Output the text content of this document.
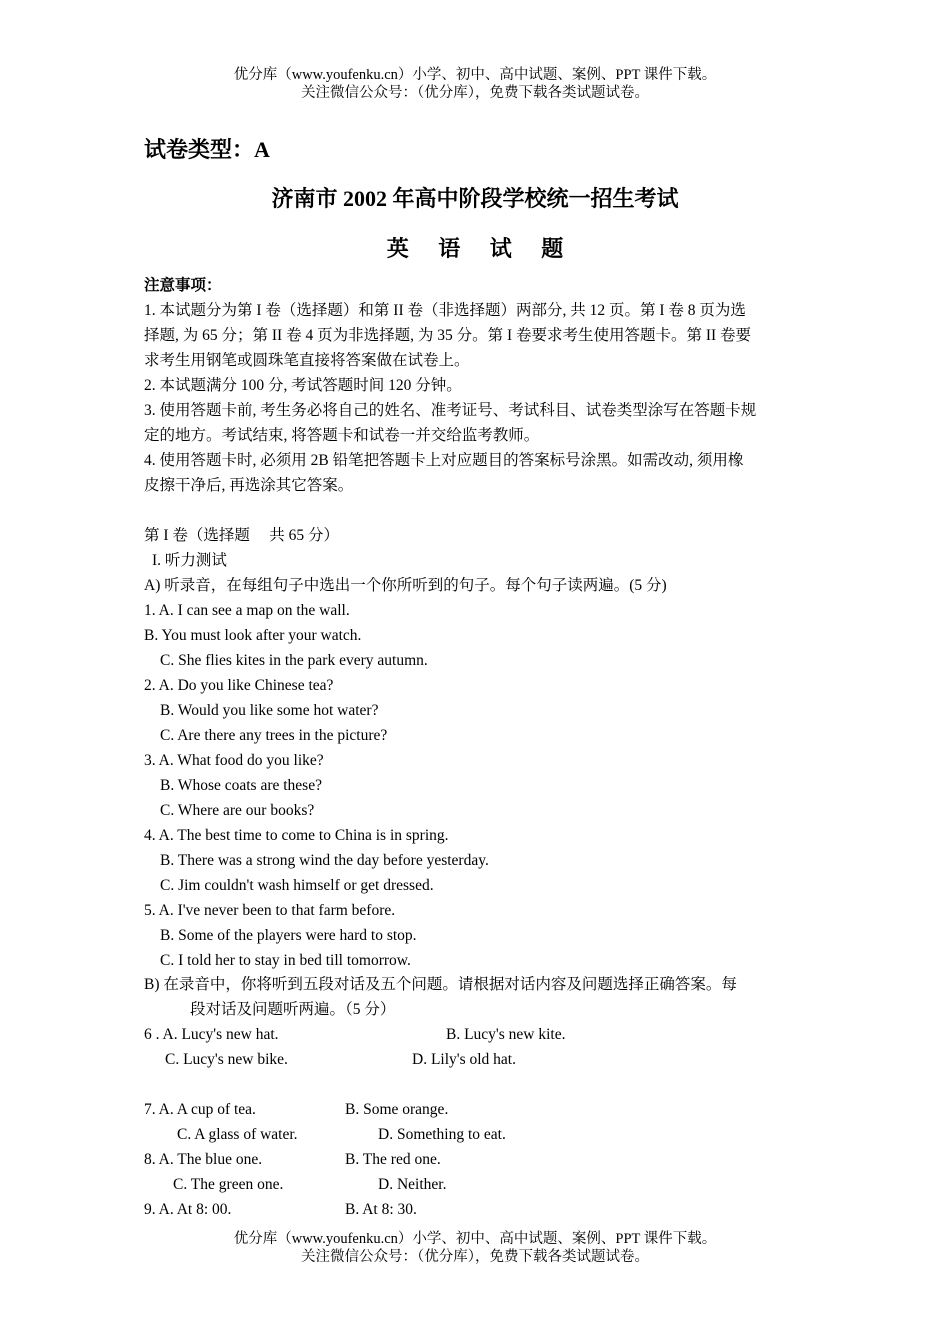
优分库（www.youfenku.cn）小学、初中、高中试题、案例、PPT 课件下载。
关注微信公众号：（优分库），免费下载各类试题试卷。
试卷类型：A
济南市 2002 年高中阶段学校统一招生考试
英 语 试 题
注意事项：
1. 本试题分为第 I 卷（选择题）和第 II 卷（非选择题）两部分, 共 12 页。第 I 卷 8 页为选
择题, 为 65 分；第 II 卷 4 页为非选择题, 为 35 分。第 I 卷要求考生使用答题卡。第 II 卷要
求考生用钢笔或圆珠笔直接将答案做在试卷上。
2. 本试题满分 100 分, 考试答题时间 120 分钟。
3. 使用答题卡前, 考生务必将自己的姓名、准考证号、考试科目、试卷类型涂写在答题卡规
定的地方。考试结束, 将答题卡和试卷一并交给监考教师。
4. 使用答题卡时, 必须用 2B 铅笔把答题卡上对应题目的答案标号涂黑。如需改动, 须用橡
皮擦干净后, 再选涂其它答案。
第 I 卷（选择题　 共 65 分）
I. 听力测试
A) 听录音，在每组句子中选出一个你所听到的句子。每个句子读两遍。(5 分)
1. A. I can see a map on the wall.
B. You must look after your watch.
C. She flies kites in the park every autumn.
2. A. Do you like Chinese tea?
B. Would you like some hot water?
C. Are there any trees in the picture?
3. A. What food do you like?
B. Whose coats are these?
C. Where are our books?
4. A. The best time to come to China is in spring.
B. There was a strong wind the day before yesterday.
C. Jim couldn't wash himself or get dressed.
5. A. I've never been to that farm before.
B. Some of the players were hard to stop.
C. I told her to stay in bed till tomorrow.
B) 在录音中，你将听到五段对话及五个问题。请根据对话内容及问题选择正确答案。每
段对话及问题听两遍。（5 分）
6 . A. Lucy's new hat.	B. Lucy's new kite.
C. Lucy's new bike.	D. Lily's old hat.
7. A. A cup of tea.	B. Some orange.
C. A glass of water.	D. Something to eat.
8. A. The blue one.	B. The red one.
C. The green one.	D. Neither.
9. A. At 8: 00.	B. At 8: 30.
优分库（www.youfenku.cn）小学、初中、高中试题、案例、PPT 课件下载。
关注微信公众号：（优分库），免费下载各类试题试卷。
